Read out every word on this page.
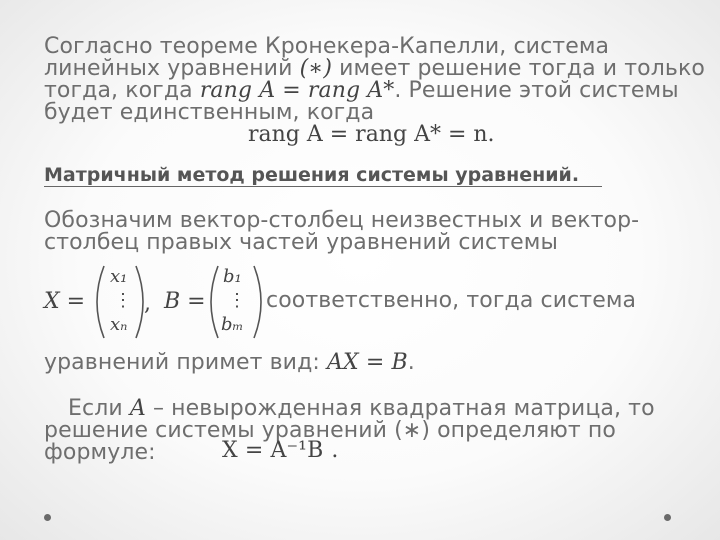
Согласно теореме Кронекера-Капелли, система
линейных уравнений (∗) имеет решение тогда и только
тогда, когда rang A = rang A*. Решение этой системы
будет единственным, когда
rang A = rang A* = n.
Матричный метод решения системы уравнений.
Обозначим вектор-столбец неизвестных и вектор-
столбец правых частей уравнений системы
X =
x₁
⋮
xₙ
, B =
b₁
⋮
bₘ
соответственно, тогда система
уравнений примет вид: AX = B.
Если A – невырожденная квадратная матрица, то
решение системы уравнений (∗) определяют по
формуле:	X = A⁻¹B .
